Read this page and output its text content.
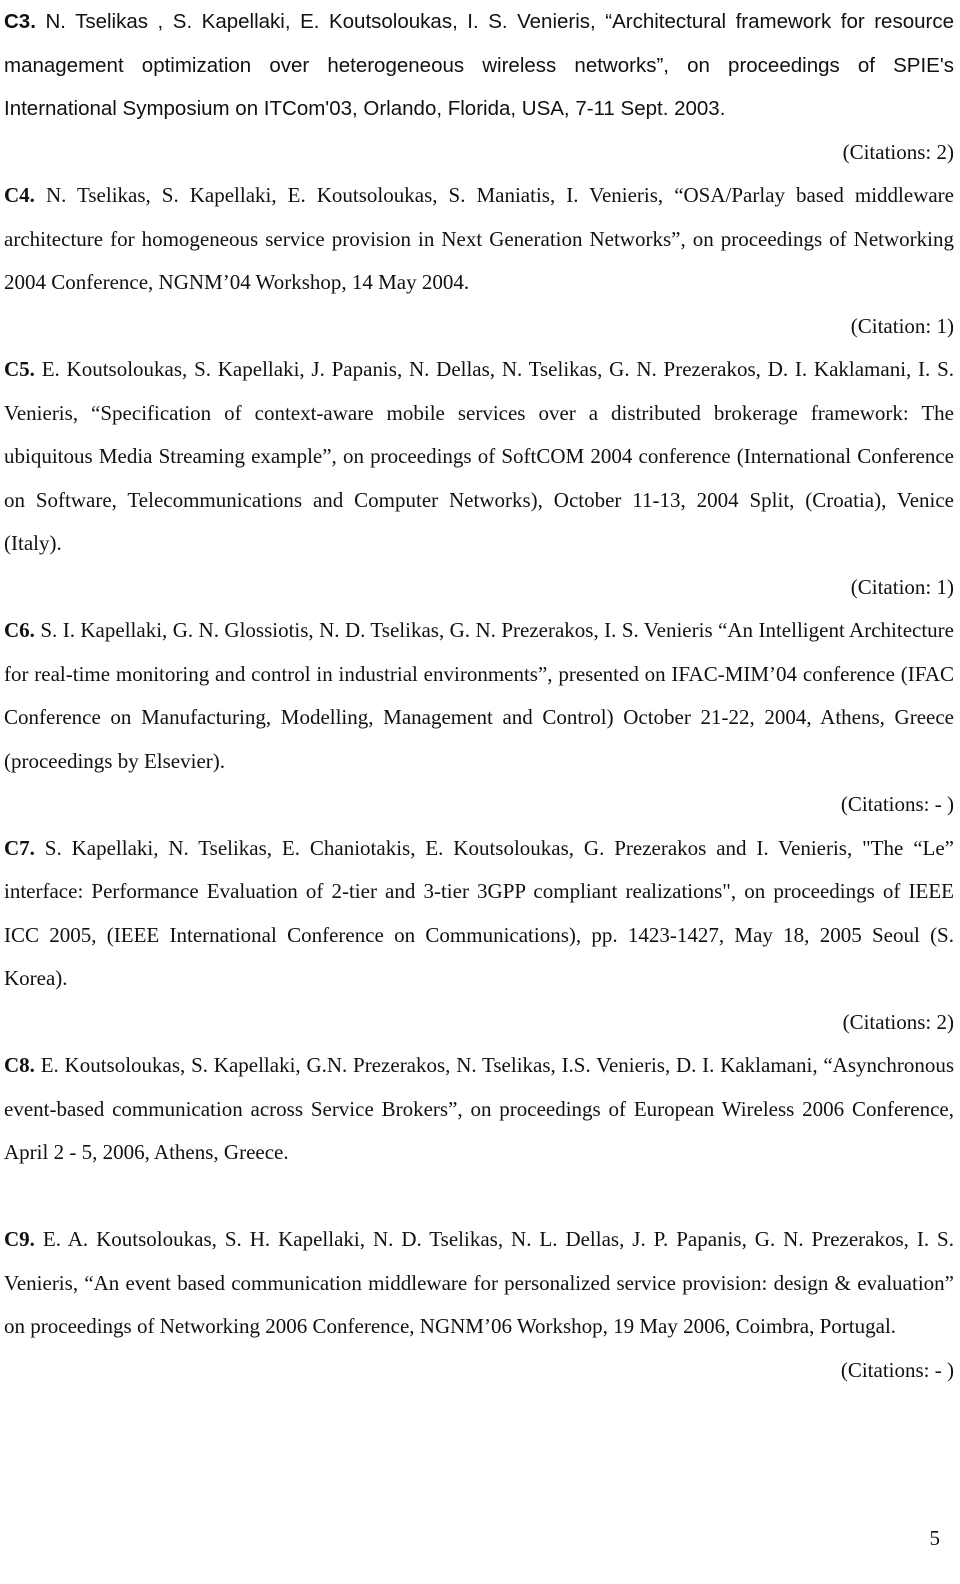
C3. N. Tselikas , S. Kapellaki, E. Koutsoloukas, I. S. Venieris, “Architectural framework for resource management optimization over heterogeneous wireless networks”, on proceedings of SPIE's International Symposium on ITCom'03, Orlando, Florida, USA, 7-11 Sept. 2003.

(Citations: 2)

C4. N. Tselikas, S. Kapellaki, E. Koutsoloukas, S. Maniatis, I. Venieris, “OSA/Parlay based middleware architecture for homogeneous service provision in Next Generation Networks”, on proceedings of Networking 2004 Conference, NGNM’04 Workshop, 14 May 2004.

(Citation: 1)

C5. E. Koutsoloukas, S. Kapellaki, J. Papanis, N. Dellas, N. Tselikas, G. N. Prezerakos, D. I. Kaklamani, I. S. Venieris, “Specification of context-aware mobile services over a distributed brokerage framework: The ubiquitous Media Streaming example”, on proceedings of SoftCOM 2004 conference (International Conference on Software, Telecommunications and Computer Networks), October 11-13, 2004 Split, (Croatia), Venice (Italy).

(Citation: 1)

C6. S. I. Kapellaki, G. N. Glossiotis, N. D. Tselikas, G. N. Prezerakos, I. S. Venieris “An Intelligent Architecture for real-time monitoring and control in industrial environments”, presented on IFAC-MIM’04 conference (IFAC Conference on Manufacturing, Modelling, Management and Control) October 21-22, 2004, Athens, Greece (proceedings by Elsevier).

(Citations: - )

C7. S. Kapellaki, N. Tselikas, E. Chaniotakis, E. Koutsoloukas, G. Prezerakos and I. Venieris, "The “Le” interface: Performance Evaluation of 2-tier and 3-tier 3GPP compliant realizations", on proceedings of IEEE ICC 2005, (IEEE International Conference on Communications), pp. 1423-1427, May 18, 2005 Seoul (S. Korea).

(Citations: 2)

C8. E. Koutsoloukas, S. Kapellaki, G.N. Prezerakos, N. Tselikas, I.S. Venieris, D. I. Kaklamani, “Asynchronous event-based communication across Service Brokers”, on proceedings of European Wireless 2006 Conference, April 2 - 5, 2006, Athens, Greece.

C9. E. A. Koutsoloukas, S. H. Kapellaki, N. D. Tselikas, N. L. Dellas, J. P. Papanis, G. N. Prezerakos, I. S. Venieris, “An event based communication middleware for personalized service provision: design & evaluation” on proceedings of Networking 2006 Conference, NGNM’06 Workshop, 19 May 2006, Coimbra, Portugal.

(Citations: - )

5
